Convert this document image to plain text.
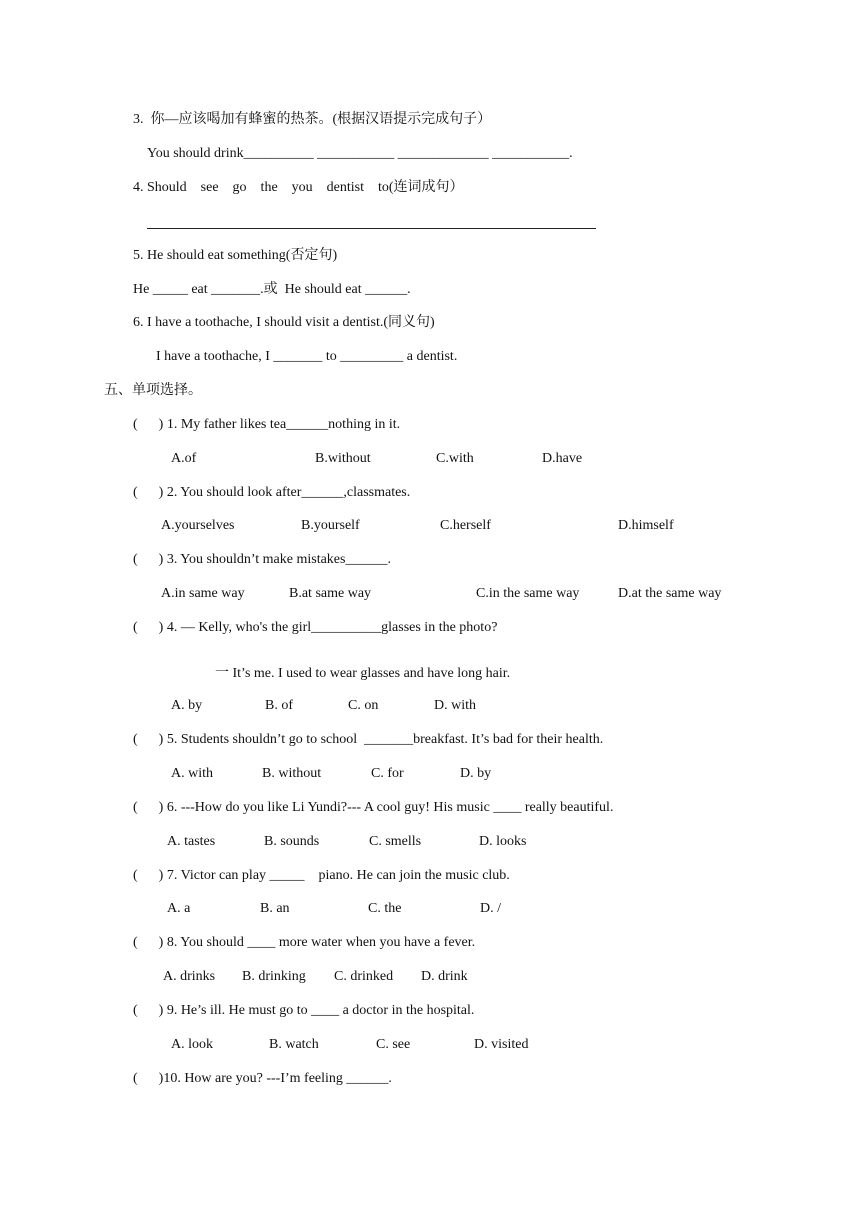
3.  你—应该喝加有蜂蜜的热茶。(根据汉语提示完成句子）
You should drink__________ ___________ _____________ ___________.
4. Should    see    go    the    you    dentist    to(连词成句）
5. He should eat something(否定句)
He _____ eat _______.或  He should eat ______.
6. I have a toothache, I should visit a dentist.(同义句)
I have a toothache, I _______ to _________ a dentist.
五、单项选择。
(      ) 1. My father likes tea______nothing in it.
A.of	B.without	C.with	D.have
(      ) 2. You should look after______,classmates.
A.yourselves	B.yourself	C.herself	D.himself
(      ) 3. You shouldn’t make mistakes______.
A.in same way	B.at same way	C.in the same way	D.at the same way
(      ) 4. — Kelly, who's the girl__________glasses in the photo?
一 It’s me. I used to wear glasses and have long hair.
A. by	B. of	C. on	D. with
(      ) 5. Students shouldn’t go to school  _______breakfast. It’s bad for their health.
A. with	B. without	C. for	D. by
(      ) 6. ---How do you like Li Yundi?--- A cool guy! His music ____ really beautiful.
A. tastes	B. sounds	C. smells	D. looks
(      ) 7. Victor can play _____    piano. He can join the music club.
A. a	B. an	C. the	D. /
(      ) 8. You should ____ more water when you have a fever.
A. drinks B. drinking C. drinked D. drink
(      ) 9. He’s ill. He must go to ____ a doctor in the hospital.
A. look	B. watch	C. see	D. visited
(      )10. How are you? ---I’m feeling ______.
